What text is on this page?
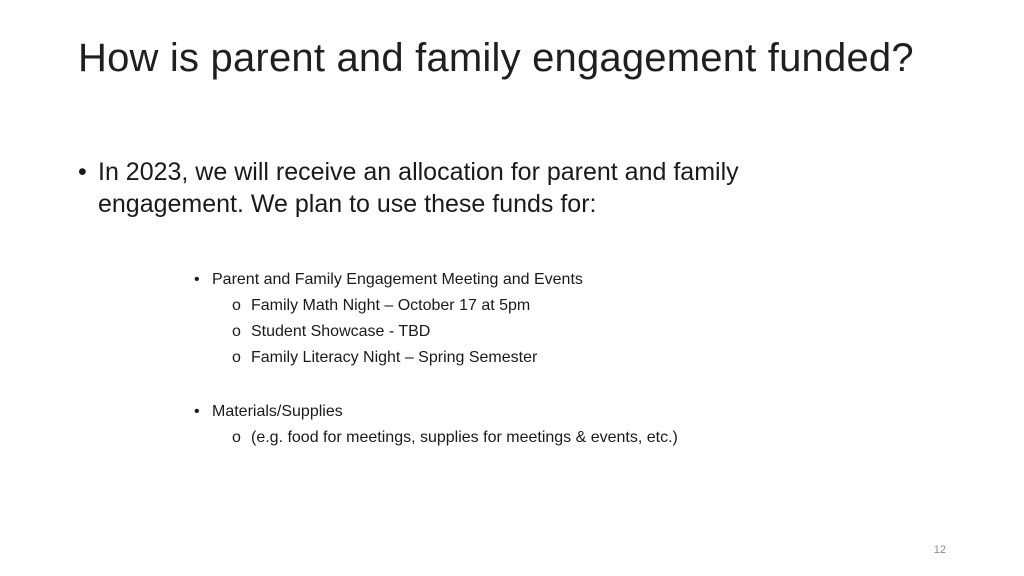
How is parent and family engagement funded?
• In 2023, we will receive an allocation for parent and family engagement. We plan to use these funds for:
• Parent and Family Engagement Meeting and Events
o Family Math Night – October 17 at 5pm
o Student Showcase - TBD
o Family Literacy Night – Spring Semester
• Materials/Supplies
o (e.g. food for meetings, supplies for meetings & events, etc.)
12
